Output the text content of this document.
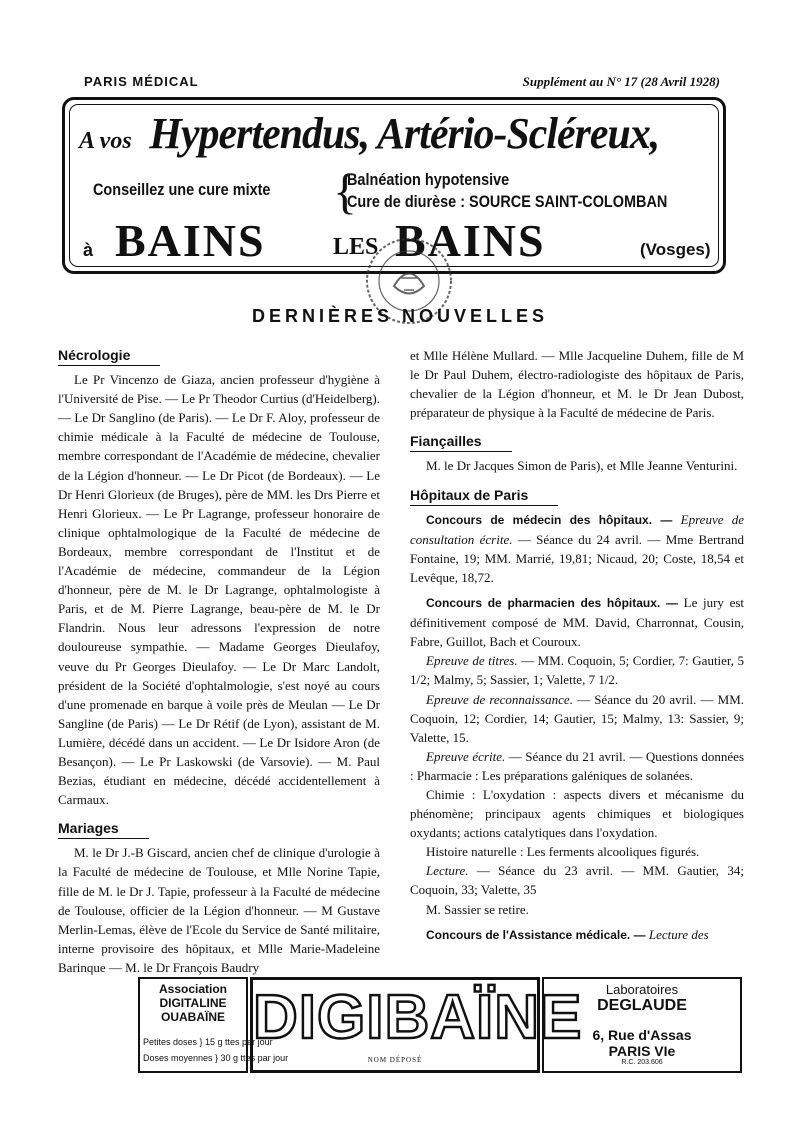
PARIS MÉDICAL	Supplément au N° 17 (28 Avril 1928)
A vos Hypertendus, Artério-Scléreux,
Conseillez une cure mixte {
Balnéation hypotensive
Cure de diurèse : SOURCE SAINT-COLOMBAN
à BAINS	LES BAINS	(Vosges)
DERNIÈRES NOUVELLES
Nécrologie

Le Pr Vincenzo de Giaza, ancien professeur d'hygiène à l'Université de Pise. — Le Pr Theodor Curtius (d'Heidelberg). — Le Dr Sanglino (de Paris). — Le Dr F. Aloy, professeur de chimie médicale à la Faculté de médecine de Toulouse, membre correspondant de l'Académie de médecine, chevalier de la Légion d'honneur. — Le Dr Picot (de Bordeaux). — Le Dr Henri Glorieux (de Bruges), père de MM. les Drs Pierre et Henri Glorieux. — Le Pr Lagrange, professeur honoraire de clinique ophtalmologique de la Faculté de médecine de Bordeaux, membre correspondant de l'Institut et de l'Académie de médecine, commandeur de la Légion d'honneur, père de M. le Dr Lagrange, ophtalmologiste à Paris, et de M. Pierre Lagrange, beau-père de M. le Dr Flandrin. Nous leur adressons l'expression de notre douloureuse sympathie. — Madame Georges Dieulafoy, veuve du Pr Georges Dieulafoy. — Le Dr Marc Landolt, président de la Société d'ophtalmologie, s'est noyé au cours d'une promenade en barque à voile près de Meulan — Le Dr Sangline (de Paris) — Le Dr Rétif (de Lyon), assistant de M. Lumière, décédé dans un accident. — Le Dr Isidore Aron (de Besançon). — Le Pr Laskowski (de Varsovie). — M. Paul Bezias, étudiant en médecine, décédé accidentellement à Carmaux.

Mariages

M. le Dr J.-B Giscard, ancien chef de clinique d'urologie à la Faculté de médecine de Toulouse, et Mlle Norine Tapie, fille de M. le Dr J. Tapie, professeur à la Faculté de médecine de Toulouse, officier de la Légion d'honneur. — M Gustave Merlin-Lemas, élève de l'Ecole du Service de Santé militaire, interne provisoire des hôpitaux, et Mlle Marie-Madeleine Barinque — M. le Dr François Baudry

et Mlle Hélène Mullard. — Mlle Jacqueline Duhem, fille de M le Dr Paul Duhem, électro-radiologiste des hôpitaux de Paris, chevalier de la Légion d'honneur, et M. le Dr Jean Dubost, préparateur de physique à la Faculté de médecine de Paris.

Fiançailles

M. le Dr Jacques Simon de Paris), et Mlle Jeanne Venturini.

Hôpitaux de Paris

Concours de médecin des hôpitaux. — Epreuve de consultation écrite. — Séance du 24 avril. — Mme Bertrand Fontaine, 19; MM. Marrié, 19,81; Nicaud, 20; Coste, 18,54 et Levêque, 18,72.

Concours de pharmacien des hôpitaux. — Le jury est définitivement composé de MM. David, Charronnat, Cousin, Fabre, Guillot, Bach et Couroux.

Epreuve de titres. — MM. Coquoin, 5; Cordier, 7: Gautier, 5 1/2; Malmy, 5; Sassier, 1; Valette, 7 1/2.

Epreuve de reconnaissance. — Séance du 20 avril. — MM. Coquoin, 12; Cordier, 14; Gautier, 15; Malmy, 13: Sassier, 9; Valette, 15.

Epreuve écrite. — Séance du 21 avril. — Questions données : Pharmacie : Les préparations galéniques de solanées.

Chimie : L'oxydation : aspects divers et mécanisme du phénomène; principaux agents chimiques et biologiques oxydants; actions catalytiques dans l'oxydation.

Histoire naturelle : Les ferments alcooliques figurés.

Lecture. — Séance du 23 avril. — MM. Gautier, 34; Coquoin, 33; Valette, 35

M. Sassier se retire.

Concours de l'Assistance médicale. — Lecture des

Association
DIGITALINE
OUABAÏNE
Petites doses } 15 g ttes par jour
Doses moyennes } 30 g ttes par jour
DIGIBAÏNE
NOM DÉPOSÉ
Laboratoires
DEGLAUDE
6, Rue d'Assas
PARIS VIe
R.C. 203.606
